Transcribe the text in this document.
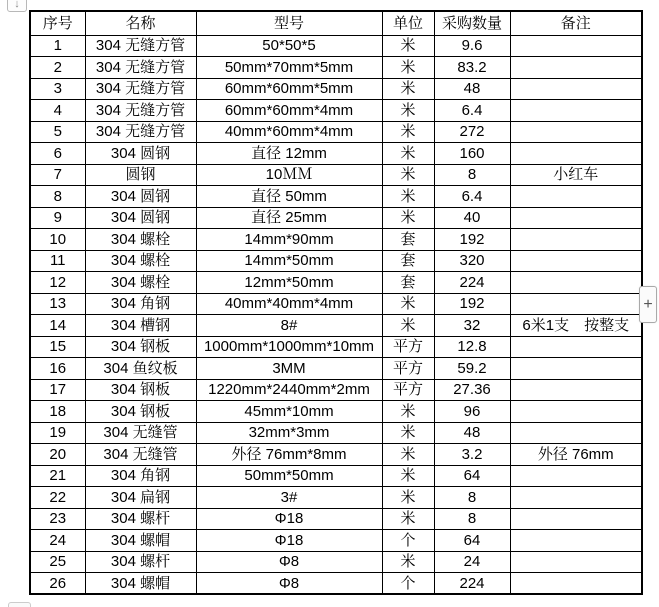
↓
序号	名称	型号	单位	采购数量	备注
1	304 无缝方管	50*50*5	米	9.6	
2	304 无缝方管	50mm*70mm*5mm	米	83.2	
3	304 无缝方管	60mm*60mm*5mm	米	48	
4	304 无缝方管	60mm*60mm*4mm	米	6.4	
5	304 无缝方管	40mm*60mm*4mm	米	272	
6	304 圆钢	直径 12mm	米	160	
7	圆钢	10ＭＭ	米	8	小红车
8	304 圆钢	直径 50mm	米	6.4	
9	304 圆钢	直径 25mm	米	40	
10	304 螺栓	14mm*90mm	套	192	
11	304 螺栓	14mm*50mm	套	320	
12	304 螺栓	12mm*50mm	套	224	
13	304 角钢	40mm*40mm*4mm	米	192	
14	304 槽钢	8#	米	32	6米1支　按整支
15	304 钢板	1000mm*1000mm*10mm	平方	12.8	
16	304 鱼纹板	3MM	平方	59.2	
17	304 钢板	1220mm*2440mm*2mm	平方	27.36	
18	304 钢板	45mm*10mm	米	96	
19	304 无缝管	32mm*3mm	米	48	
20	304 无缝管	外径 76mm*8mm	米	3.2	外径 76mm
21	304 角钢	50mm*50mm	米	64	
22	304 扁钢	3#	米	8	
23	304 螺杆	Φ18	米	8	
24	304 螺帽	Φ18	个	64	
25	304 螺杆	Φ8	米	24	
26	304 螺帽	Φ8	个	224	
+
